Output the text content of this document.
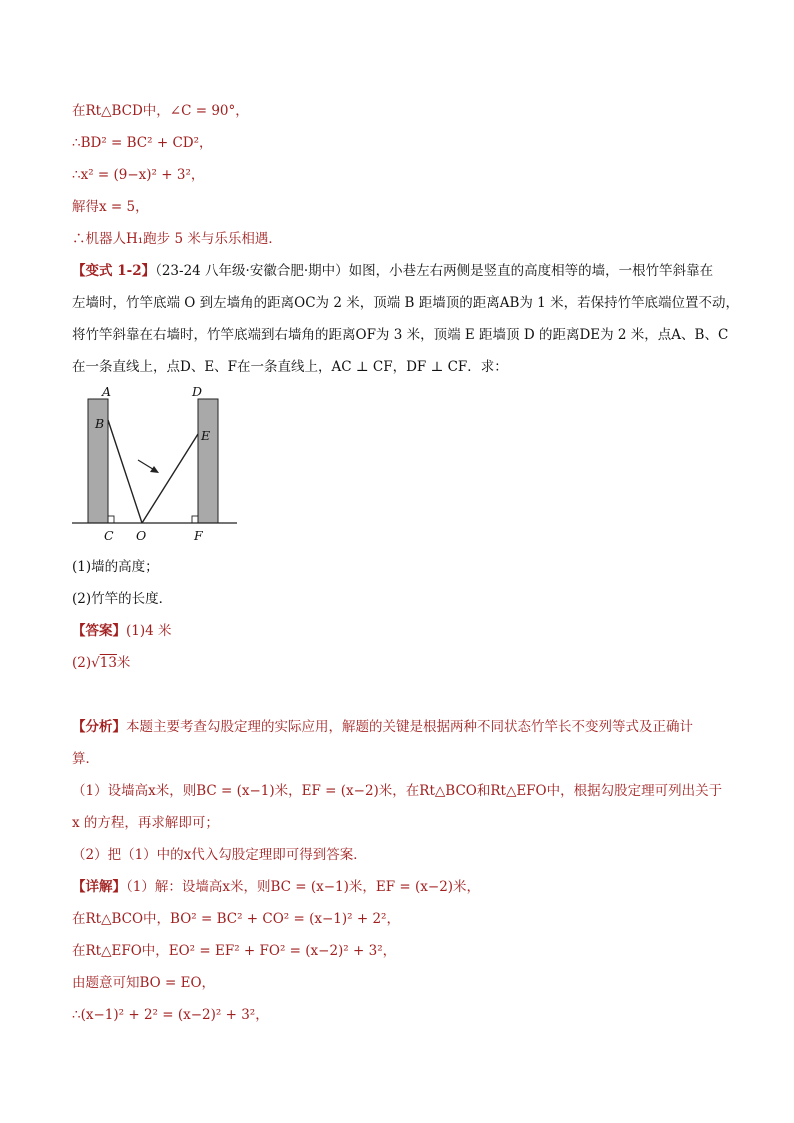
在Rt△BCD中，∠C = 90°，
∴BD² = BC² + CD²，
∴x² = (9−x)² + 3²，
解得x = 5，
∴机器人H₁跑步 5 米与乐乐相遇．
【变式 1-2】（23-24 八年级·安徽合肥·期中）如图，小巷左右两侧是竖直的高度相等的墙，一根竹竿斜靠在
左墙时，竹竿底端 O 到左墙角的距离OC为 2 米，顶端 B 距墙顶的距离AB为 1 米，若保持竹竿底端位置不动，
将竹竿斜靠在右墙时，竹竿底端到右墙角的距离OF为 3 米，顶端 E 距墙顶 D 的距离DE为 2 米，点A、B、C
在一条直线上，点D、E、F在一条直线上，AC ⊥ CF，DF ⊥ CF．求：
A
B
C O
D
E
F
(1)墙的高度；
(2)竹竿的长度．
【答案】(1)4 米
(2)√13米
【分析】本题主要考查勾股定理的实际应用，解题的关键是根据两种不同状态竹竿长不变列等式及正确计
算．
（1）设墙高x米，则BC = (x−1)米，EF = (x−2)米，在Rt△BCO和Rt△EFO中，根据勾股定理可列出关于
x 的方程，再求解即可；
（2）把（1）中的x代入勾股定理即可得到答案．
【详解】（1）解：设墙高x米，则BC = (x−1)米，EF = (x−2)米，
在Rt△BCO中，BO² = BC² + CO² = (x−1)² + 2²，
在Rt△EFO中，EO² = EF² + FO² = (x−2)² + 3²，
由题意可知BO = EO，
∴(x−1)² + 2² = (x−2)² + 3²，
